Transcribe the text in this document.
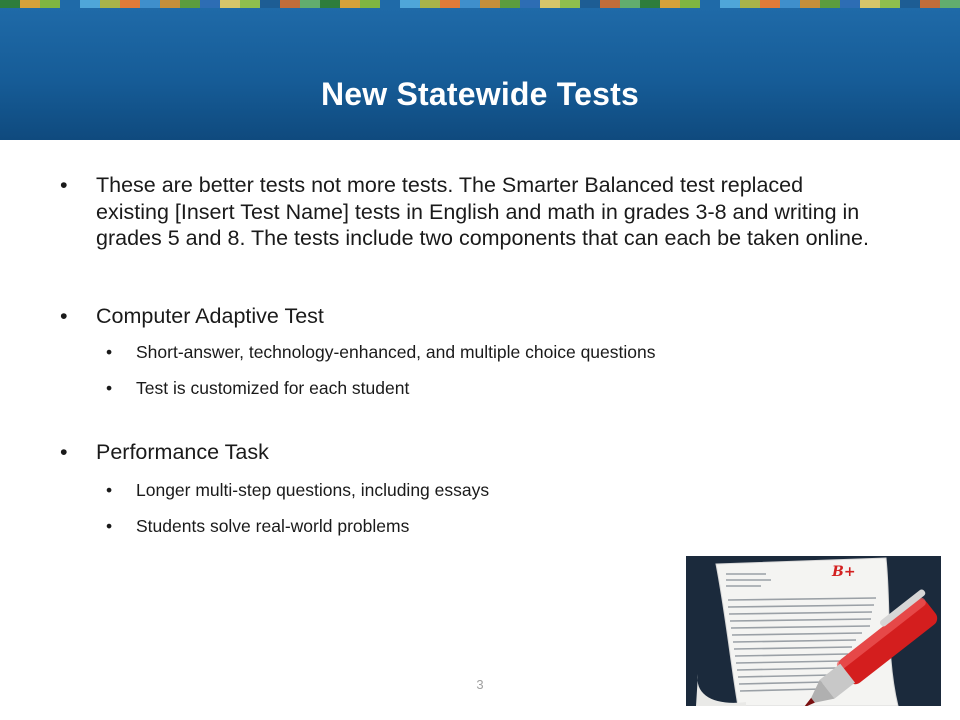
New Statewide Tests
• These are better tests not more tests. The Smarter Balanced test replaced existing [Insert Test Name] tests in English and math in grades 3-8 and writing in grades 5 and 8. The tests include two components that can each be taken online.
• Computer Adaptive Test
• Short-answer, technology-enhanced, and multiple choice questions
• Test is customized for each student
• Performance Task
• Longer multi-step questions, including essays
• Students solve real-world problems
B+
3
